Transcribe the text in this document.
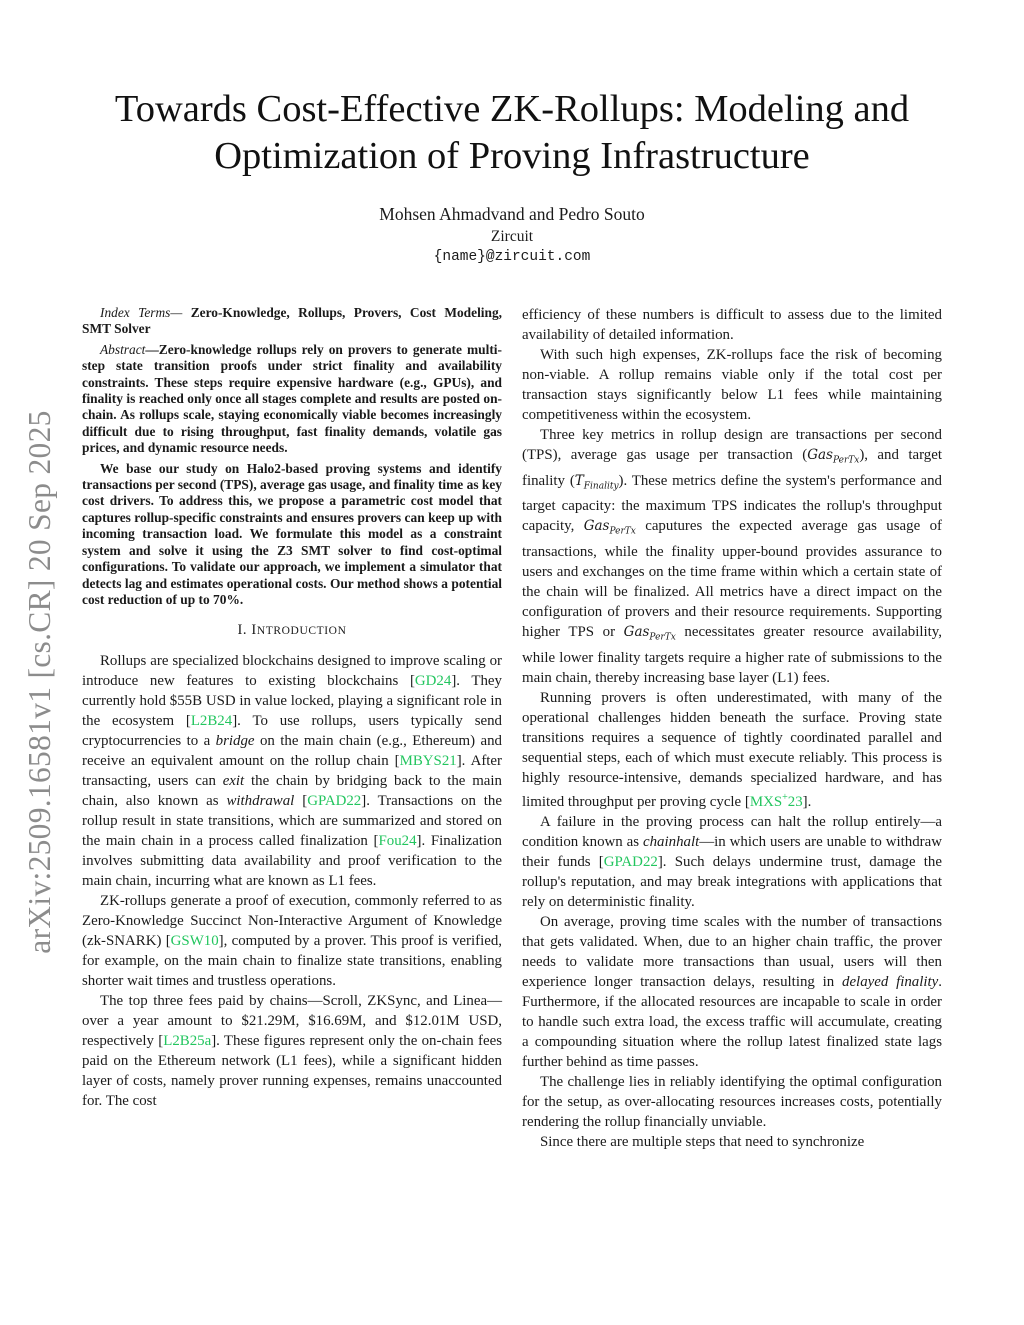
arXiv:2509.16581v1 [cs.CR] 20 Sep 2025
Towards Cost-Effective ZK-Rollups: Modeling and
Optimization of Proving Infrastructure
Mohsen Ahmadvand and Pedro Souto
Zircuit
{name}@zircuit.com

Index Terms— Zero-Knowledge, Rollups, Provers, Cost Modeling, SMT Solver

Abstract—Zero-knowledge rollups rely on provers to generate multi-step state transition proofs under strict finality and availability constraints. These steps require expensive hardware (e.g., GPUs), and finality is reached only once all stages complete and results are posted on-chain. As rollups scale, staying economically viable becomes increasingly difficult due to rising throughput, fast finality demands, volatile gas prices, and dynamic resource needs.

We base our study on Halo2-based proving systems and identify transactions per second (TPS), average gas usage, and finality time as key cost drivers. To address this, we propose a parametric cost model that captures rollup-specific constraints and ensures provers can keep up with incoming transaction load. We formulate this model as a constraint system and solve it using the Z3 SMT solver to find cost-optimal configurations. To validate our approach, we implement a simulator that detects lag and estimates operational costs. Our method shows a potential cost reduction of up to 70%.

I. INTRODUCTION

Rollups are specialized blockchains designed to improve scaling or introduce new features to existing blockchains [GD24]. They currently hold $55B USD in value locked, playing a significant role in the ecosystem [L2B24]. To use rollups, users typically send cryptocurrencies to a bridge on the main chain (e.g., Ethereum) and receive an equivalent amount on the rollup chain [MBYS21]. After transacting, users can exit the chain by bridging back to the main chain, also known as withdrawal [GPAD22]. Transactions on the rollup result in state transitions, which are summarized and stored on the main chain in a process called finalization [Fou24]. Finalization involves submitting data availability and proof verification to the main chain, incurring what are known as L1 fees.

ZK-rollups generate a proof of execution, commonly referred to as Zero-Knowledge Succinct Non-Interactive Argument of Knowledge (zk-SNARK) [GSW10], computed by a prover. This proof is verified, for example, on the main chain to finalize state transitions, enabling shorter wait times and trustless operations.

The top three fees paid by chains—Scroll, ZKSync, and Linea—over a year amount to $21.29M, $16.69M, and $12.01M USD, respectively [L2B25a]. These figures represent only the on-chain fees paid on the Ethereum network (L1 fees), while a significant hidden layer of costs, namely prover running expenses, remains unaccounted for. The cost

efficiency of these numbers is difficult to assess due to the limited availability of detailed information.

With such high expenses, ZK-rollups face the risk of becoming non-viable. A rollup remains viable only if the total cost per transaction stays significantly below L1 fees while maintaining competitiveness within the ecosystem.

Three key metrics in rollup design are transactions per second (TPS), average gas usage per transaction (Gas$_{PerTx}$), and target finality $(T_{Finality})$. These metrics define the system's performance and target capacity: the maximum TPS indicates the rollup's throughput capacity, Gas$_{PerTx}$ caputures the expected average gas usage of transactions, while the finality upper-bound provides assurance to users and exchanges on the time frame within which a certain state of the chain will be finalized. All metrics have a direct impact on the configuration of provers and their resource requirements. Supporting higher TPS or Gas$_{PerTx}$ necessitates greater resource availability, while lower finality targets require a higher rate of submissions to the main chain, thereby increasing base layer (L1) fees.

Running provers is often underestimated, with many of the operational challenges hidden beneath the surface. Proving state transitions requires a sequence of tightly coordinated parallel and sequential steps, each of which must execute reliably. This process is highly resource-intensive, demands specialized hardware, and has limited throughput per proving cycle [MXS+23].

A failure in the proving process can halt the rollup entirely—a condition known as chainhalt—in which users are unable to withdraw their funds [GPAD22]. Such delays undermine trust, damage the rollup's reputation, and may break integrations with applications that rely on deterministic finality.

On average, proving time scales with the number of transactions that gets validated. When, due to an higher chain traffic, the prover needs to validate more transactions than usual, users will then experience longer transaction delays, resulting in delayed finality. Furthermore, if the allocated resources are incapable to scale in order to handle such extra load, the excess traffic will accumulate, creating a compounding situation where the rollup latest finalized state lags further behind as time passes.

The challenge lies in reliably identifying the optimal configuration for the setup, as over-allocating resources increases costs, potentially rendering the rollup financially unviable.

Since there are multiple steps that need to synchronize
